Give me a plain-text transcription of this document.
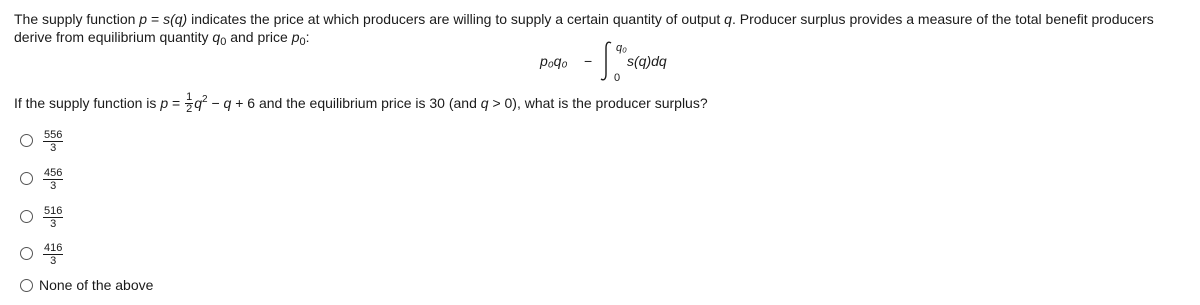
The supply function p = s(q) indicates the price at which producers are willing to supply a certain quantity of output q. Producer surplus provides a measure of the total benefit producers derive from equilibrium quantity $q_0$ and price $p_0$:

p₀q₀ −
q₀
0
s(q)dq

If the supply function is $p = \frac{1}{2} q^2 - q + 6$ and the equilibrium price is 30 (and q > 0), what is the producer surplus?

$\frac{556}{3}$
$\frac{456}{3}$
$\frac{516}{3}$
$\frac{416}{3}$
None of the above
